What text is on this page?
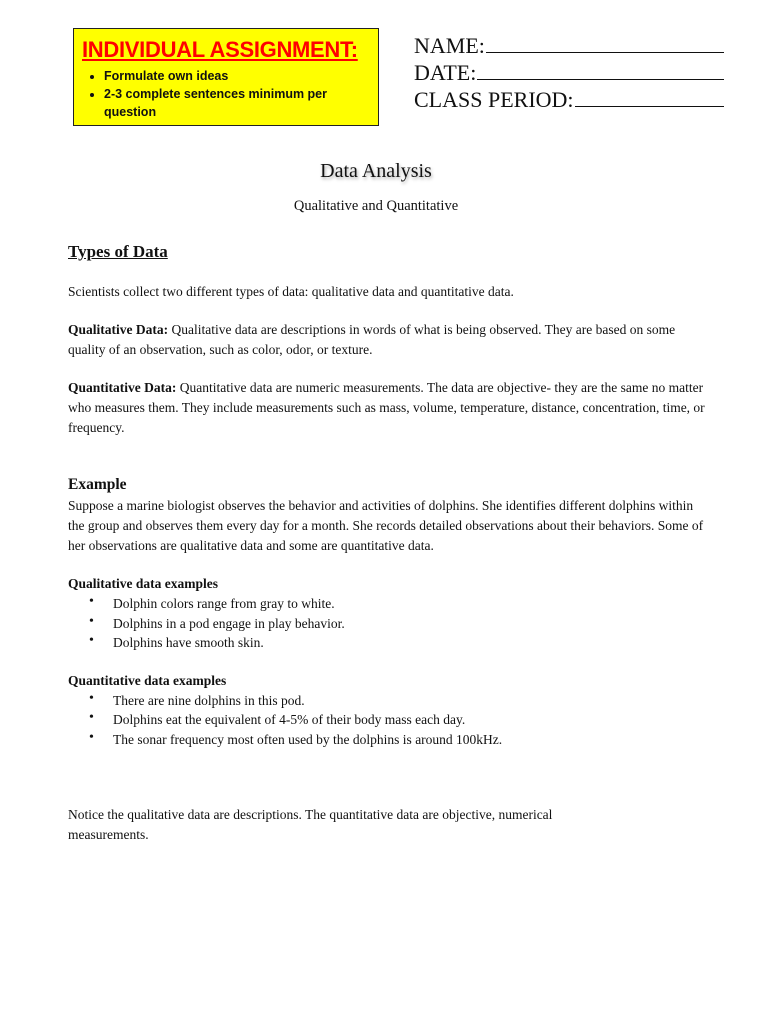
INDIVIDUAL ASSIGNMENT:
• Formulate own ideas
• 2-3 complete sentences minimum per question
NAME:
DATE:
CLASS PERIOD:
Data Analysis
Qualitative and Quantitative
Types of Data

Scientists collect two different types of data: qualitative data and quantitative data.

Qualitative Data: Qualitative data are descriptions in words of what is being observed. They are based on some quality of an observation, such as color, odor, or texture.

Quantitative Data: Quantitative data are numeric measurements. The data are objective- they are the same no matter who measures them. They include measurements such as mass, volume, temperature, distance, concentration, time, or frequency.

Example

Suppose a marine biologist observes the behavior and activities of dolphins. She identifies different dolphins within the group and observes them every day for a month. She records detailed observations about their behaviors. Some of her observations are qualitative data and some are quantitative data.

Qualitative data examples

• Dolphin colors range from gray to white.
• Dolphins in a pod engage in play behavior.
• Dolphins have smooth skin.

Quantitative data examples

• There are nine dolphins in this pod.
• Dolphins eat the equivalent of 4-5% of their body mass each day.
• The sonar frequency most often used by the dolphins is around 100kHz.

Notice the qualitative data are descriptions. The quantitative data are objective, numerical measurements.
